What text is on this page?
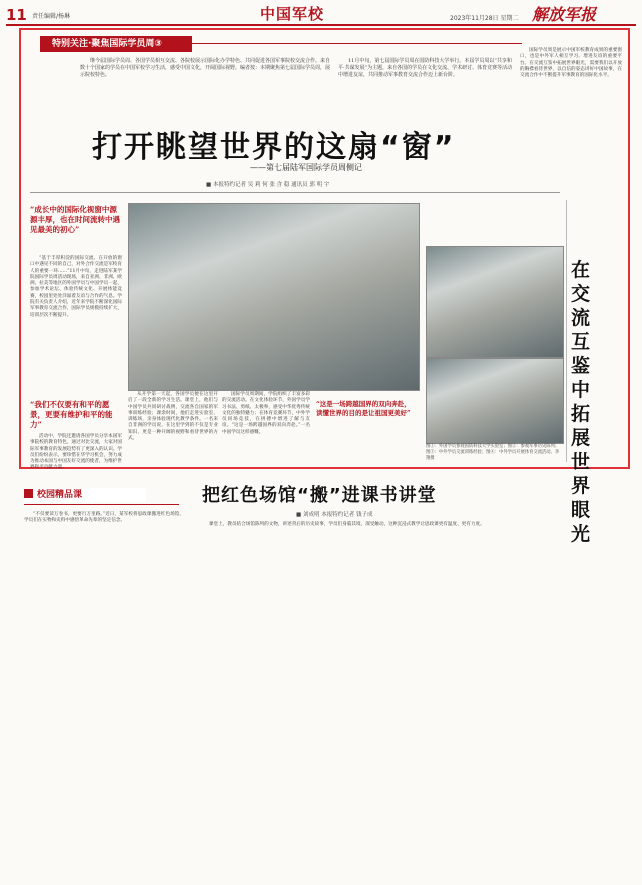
11 责任编辑/杨琳	中国军校	2023年11月28日 星期二 解放军报
特别关注·聚焦国际学员周③
继今届国际学员周、各国学员相互交流、各院校展示国际化办学特色、共同促进各国军事院校交流合作。来自数十个国家的学员在中国军校学习生活，感受中国文化，开阔国际视野。编者按：本期聚焦第七届国际学员周，展示院校特色。
11月中旬，第七届国际学员周在国防科技大学举行。本届学员周以“共享和平·共谋发展”为主题，来自各国的学员在文化交流、学术研讨、体育竞赛等活动中增进友谊，共同推动军事教育交流合作迈上新台阶。
国际学员周是展示中国军校教育成果的重要窗口，也是中外军人相互学习、增进友谊的重要平台。在交流互鉴中拓展世界眼光，需要我们以开放的胸襟看待世界，以自信的姿态讲好中国故事，在交流合作中不断提升军事教育的国际化水平。
打开眺望世界的这扇“窗”
——第七届陆军国际学员周侧记
■ 本报特约记者 吴 莉 何 张 含 稳 通讯员 郭 明 宇
“成长中的国际化视窗中源源丰厚，也在时间流转中遇见最美的初心”
“基于丰厚积淀的国际交流、在开放的窗口中遇见不同的自己，对外合作交流是军校育人的重要一环……”11月中旬，走进陆军某学院国际学员周活动现场，来自亚洲、非洲、欧洲、拉美等地区的外国学员与中国学员一起，参加学术论坛、体验传统文化、开展体能竞赛，校园里处处洋溢着友谊与合作的气息。学院有关负责人介绍，近年来学院不断深化国际军事教育交流合作，国际学员规模持续扩大，培训层次不断提升。
“我们不仅要有和平的愿景，更要有维护和平的能力”
活动中，学院还邀请各国学员分享本国军事院校的教育特色，通过对比交流，大家对国际军事教育的发展趋势有了更深入的认识。学员们纷纷表示，要珍惜在华学习机会，努力成为推动本国与中国友好交流的使者，为维护世界和平贡献力量。
图①：外国学员参观国防科技大学实验室；图②：参观军事历史陈列；图③：中外学员交流训练经验；图④：中外学员开展体育交流活动。李 翔摄
从开学第一天起，各国学员便在这里开启了一段全新的学习生活。课堂上，他们与中国学员共同研讨战例，交流各自国家的军事训练经验；课余时间，他们走进实验室、训练场，亲身体验现代化教学条件。一名来自非洲的学员说，在这里学到的不仅是专业知识，更是一种开阔的视野和看待世界的方式。
国际学员周期间，学院组织了丰富多彩的交流活动。在文化体验环节，外国学员学习书法、剪纸、太极拳，感受中华优秀传统文化的独特魅力；在体育竞赛环节，中外学员同场竞技，在拼搏中增进了解与友谊。“这是一场跨越国界的双向奔赴。”一名中国学员这样感慨。
“这是一场跨越国界的双向奔赴，读懂世界的目的是让祖国更美好”
在交流互鉴中拓展世界眼光
校园精品课	把红色场馆“搬”进课书讲堂
■ 刘成明 本报特约记者 钱子成
“不仅要读万卷书，更要行万里路。”近日，某军校将思政课搬进红色场馆，学员们在实物和史料中感悟革命先辈的坚定信念。
课堂上，教员结合场馆陈列的文物，讲述背后的历史故事，学员们身临其境，深受触动。这种沉浸式教学让思政课更有温度、更有力度。
